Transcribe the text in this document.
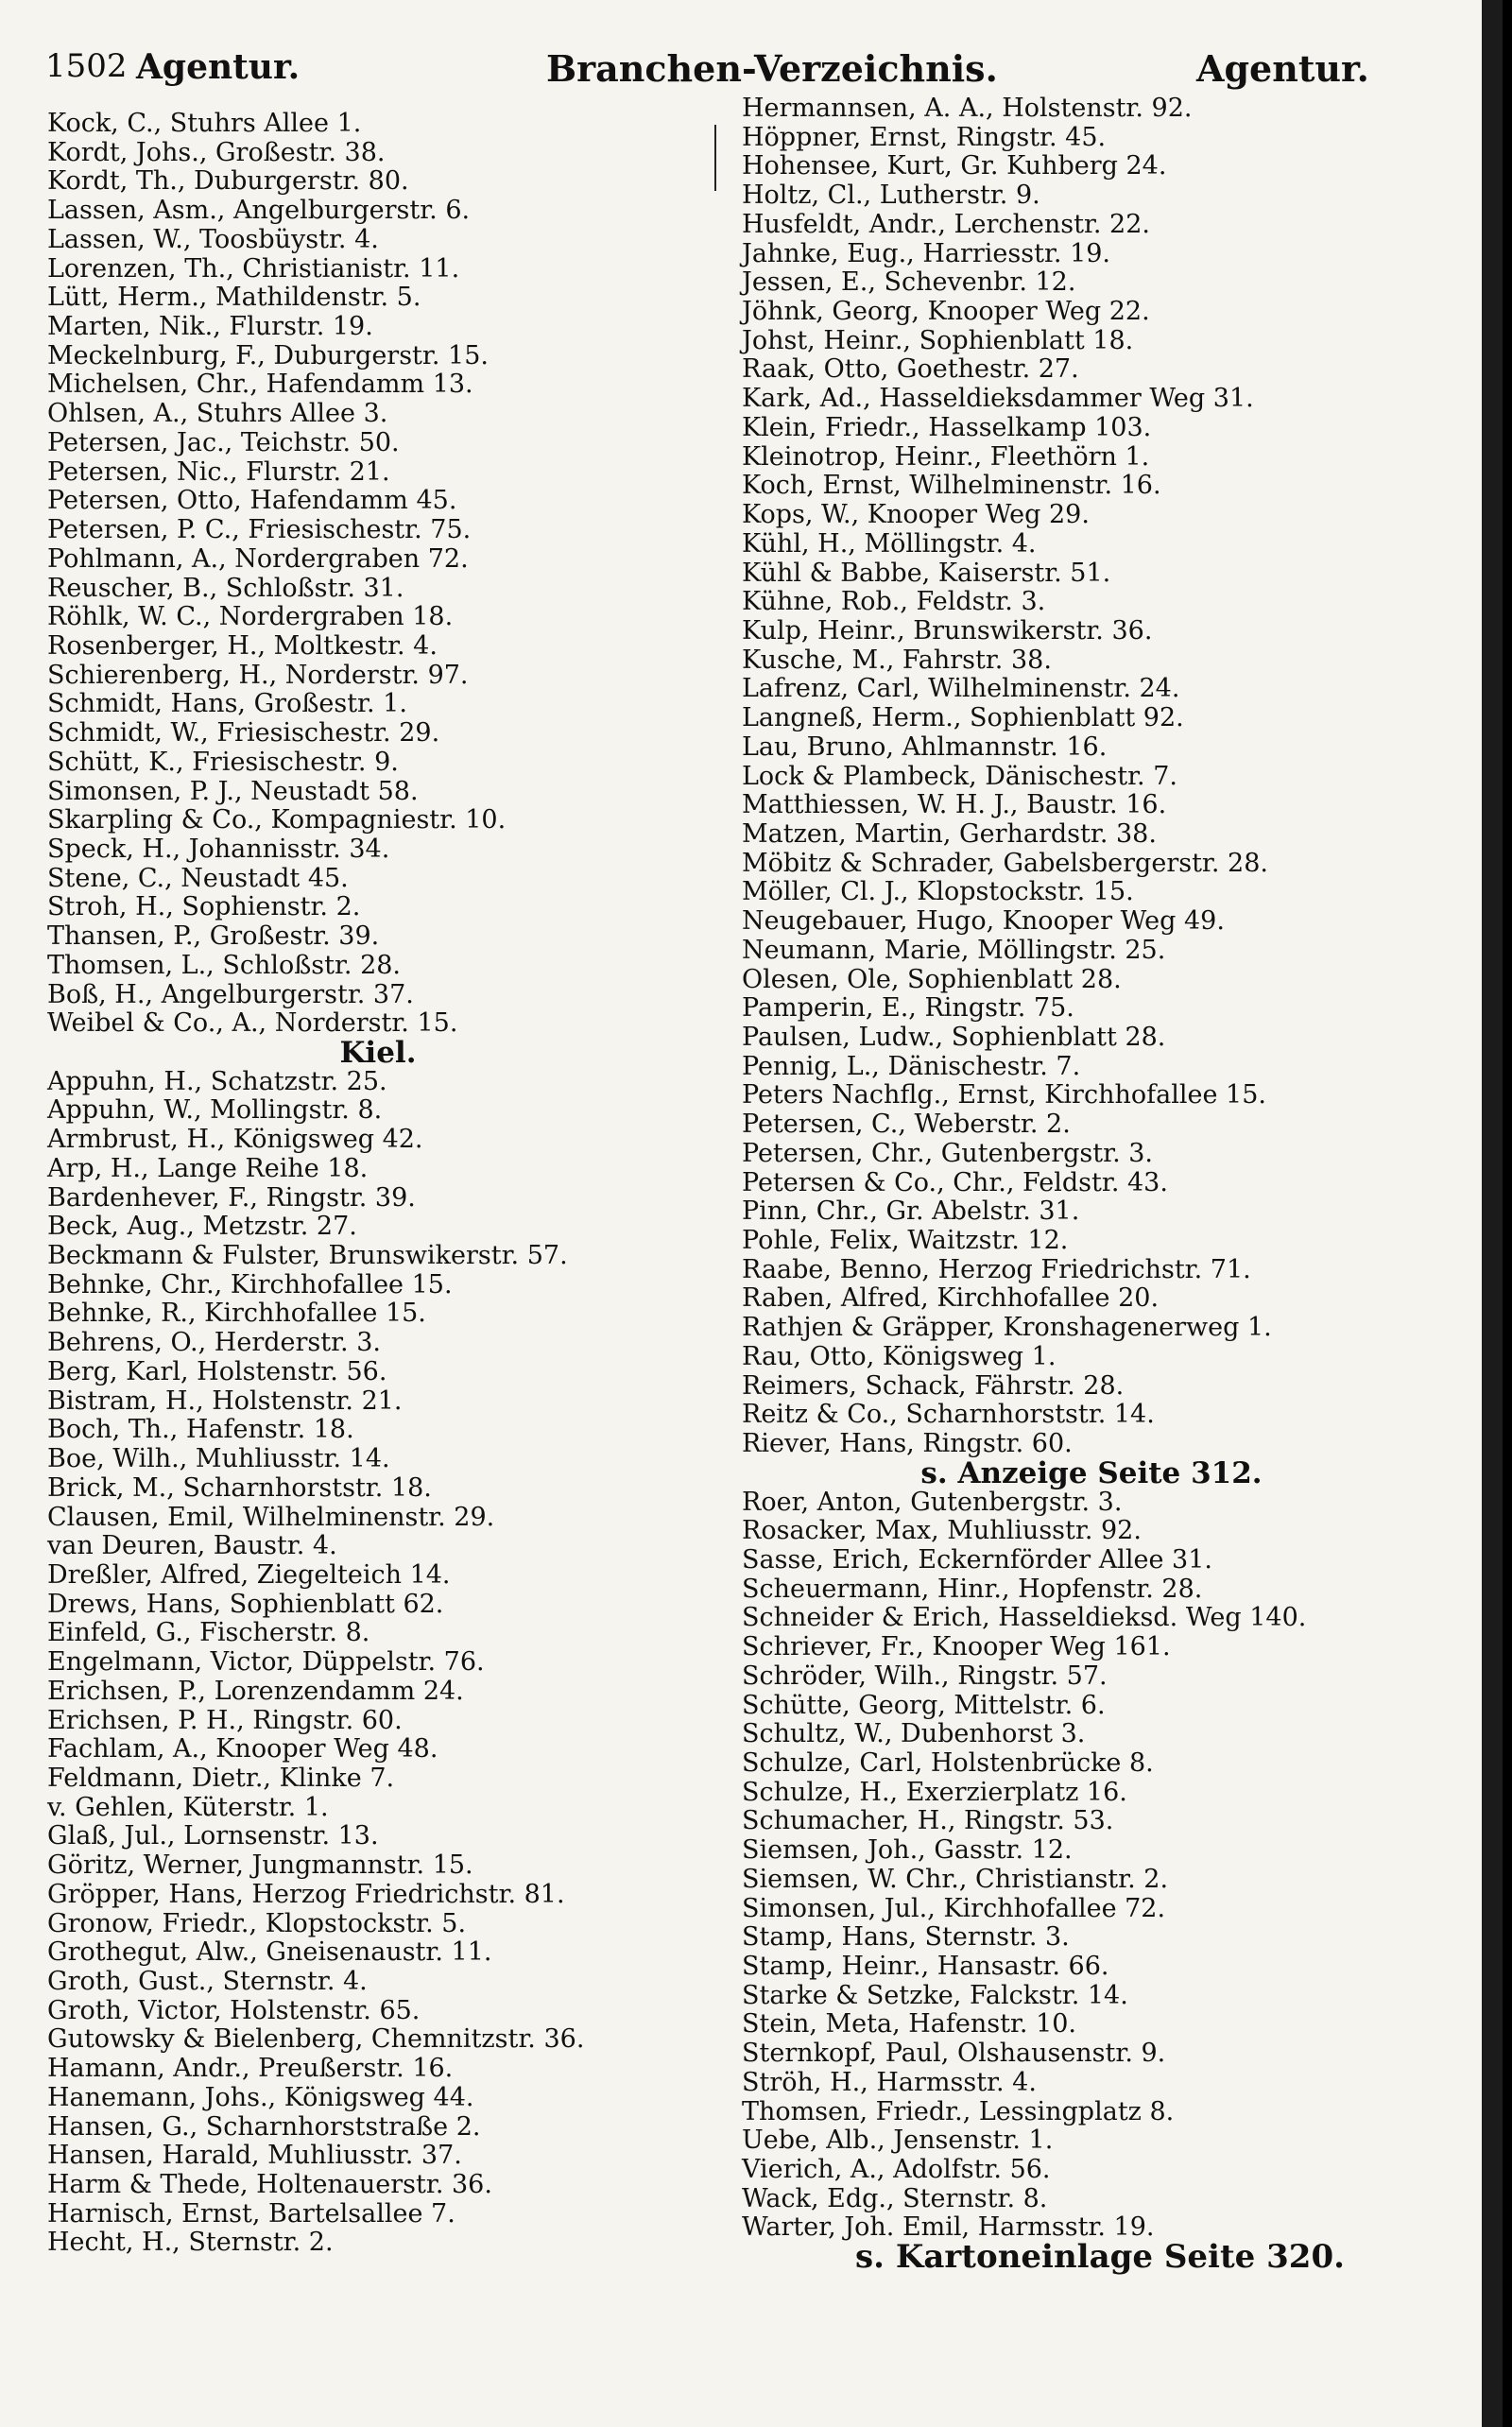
1502 Agentur.	Branchen-Verzeichnis.	Agentur.
Kock, C., Stuhrs Allee 1.
Kordt, Johs., Großestr. 38.
Kordt, Th., Duburgerstr. 80.
Lassen, Asm., Angelburgerstr. 6.
Lassen, W., Toosbüystr. 4.
Lorenzen, Th., Christianistr. 11.
Lütt, Herm., Mathildenstr. 5.
Marten, Nik., Flurstr. 19.
Meckelnburg, F., Duburgerstr. 15.
Michelsen, Chr., Hafendamm 13.
Ohlsen, A., Stuhrs Allee 3.
Petersen, Jac., Teichstr. 50.
Petersen, Nic., Flurstr. 21.
Petersen, Otto, Hafendamm 45.
Petersen, P. C., Friesischestr. 75.
Pohlmann, A., Nordergraben 72.
Reuscher, B., Schloßstr. 31.
Röhlk, W. C., Nordergraben 18.
Rosenberger, H., Moltkestr. 4.
Schierenberg, H., Norderstr. 97.
Schmidt, Hans, Großestr. 1.
Schmidt, W., Friesischestr. 29.
Schütt, K., Friesischestr. 9.
Simonsen, P. J., Neustadt 58.
Skarpling & Co., Kompagniestr. 10.
Speck, H., Johannisstr. 34.
Stene, C., Neustadt 45.
Stroh, H., Sophienstr. 2.
Thansen, P., Großestr. 39.
Thomsen, L., Schloßstr. 28.
Boß, H., Angelburgerstr. 37.
Weibel & Co., A., Norderstr. 15.
Kiel.
Appuhn, H., Schatzstr. 25.
Appuhn, W., Mollingstr. 8.
Armbrust, H., Königsweg 42.
Arp, H., Lange Reihe 18.
Bardenhever, F., Ringstr. 39.
Beck, Aug., Metzstr. 27.
Beckmann & Fulster, Brunswikerstr. 57.
Behnke, Chr., Kirchhofallee 15.
Behnke, R., Kirchhofallee 15.
Behrens, O., Herderstr. 3.
Berg, Karl, Holstenstr. 56.
Bistram, H., Holstenstr. 21.
Boch, Th., Hafenstr. 18.
Boe, Wilh., Muhliusstr. 14.
Brick, M., Scharnhorststr. 18.
Clausen, Emil, Wilhelminenstr. 29.
van Deuren, Baustr. 4.
Dreßler, Alfred, Ziegelteich 14.
Drews, Hans, Sophienblatt 62.
Einfeld, G., Fischerstr. 8.
Engelmann, Victor, Düppelstr. 76.
Erichsen, P., Lorenzendamm 24.
Erichsen, P. H., Ringstr. 60.
Fachlam, A., Knooper Weg 48.
Feldmann, Dietr., Klinke 7.
v. Gehlen, Küterstr. 1.
Glaß, Jul., Lornsenstr. 13.
Göritz, Werner, Jungmannstr. 15.
Gröpper, Hans, Herzog Friedrichstr. 81.
Gronow, Friedr., Klopstockstr. 5.
Grothegut, Alw., Gneisenaustr. 11.
Groth, Gust., Sternstr. 4.
Groth, Victor, Holstenstr. 65.
Gutowsky & Bielenberg, Chemnitzstr. 36.
Hamann, Andr., Preußerstr. 16.
Hanemann, Johs., Königsweg 44.
Hansen, G., Scharnhorststraße 2.
Hansen, Harald, Muhliusstr. 37.
Harm & Thede, Holtenauerstr. 36.
Harnisch, Ernst, Bartelsallee 7.
Hecht, H., Sternstr. 2.
Hermannsen, A. A., Holstenstr. 92.
Höppner, Ernst, Ringstr. 45.
Hohensee, Kurt, Gr. Kuhberg 24.
Holtz, Cl., Lutherstr. 9.
Husfeldt, Andr., Lerchenstr. 22.
Jahnke, Eug., Harriesstr. 19.
Jessen, E., Schevenbr. 12.
Jöhnk, Georg, Knooper Weg 22.
Johst, Heinr., Sophienblatt 18.
Raak, Otto, Goethestr. 27.
Kark, Ad., Hasseldieksdammer Weg 31.
Klein, Friedr., Hasselkamp 103.
Kleinotrop, Heinr., Fleethörn 1.
Koch, Ernst, Wilhelminenstr. 16.
Kops, W., Knooper Weg 29.
Kühl, H., Möllingstr. 4.
Kühl & Babbe, Kaiserstr. 51.
Kühne, Rob., Feldstr. 3.
Kulp, Heinr., Brunswikerstr. 36.
Kusche, M., Fahrstr. 38.
Lafrenz, Carl, Wilhelminenstr. 24.
Langneß, Herm., Sophienblatt 92.
Lau, Bruno, Ahlmannstr. 16.
Lock & Plambeck, Dänischestr. 7.
Matthiessen, W. H. J., Baustr. 16.
Matzen, Martin, Gerhardstr. 38.
Möbitz & Schrader, Gabelsbergerstr. 28.
Möller, Cl. J., Klopstockstr. 15.
Neugebauer, Hugo, Knooper Weg 49.
Neumann, Marie, Möllingstr. 25.
Olesen, Ole, Sophienblatt 28.
Pamperin, E., Ringstr. 75.
Paulsen, Ludw., Sophienblatt 28.
Pennig, L., Dänischestr. 7.
Peters Nachflg., Ernst, Kirchhofallee 15.
Petersen, C., Weberstr. 2.
Petersen, Chr., Gutenbergstr. 3.
Petersen & Co., Chr., Feldstr. 43.
Pinn, Chr., Gr. Abelstr. 31.
Pohle, Felix, Waitzstr. 12.
Raabe, Benno, Herzog Friedrichstr. 71.
Raben, Alfred, Kirchhofallee 20.
Rathjen & Gräpper, Kronshagenerweg 1.
Rau, Otto, Königsweg 1.
Reimers, Schack, Fährstr. 28.
Reitz & Co., Scharnhorststr. 14.
Riever, Hans, Ringstr. 60.
s. Anzeige Seite 312.
Roer, Anton, Gutenbergstr. 3.
Rosacker, Max, Muhliusstr. 92.
Sasse, Erich, Eckernförder Allee 31.
Scheuermann, Hinr., Hopfenstr. 28.
Schneider & Erich, Hasseldieksd. Weg 140.
Schriever, Fr., Knooper Weg 161.
Schröder, Wilh., Ringstr. 57.
Schütte, Georg, Mittelstr. 6.
Schultz, W., Dubenhorst 3.
Schulze, Carl, Holstenbrücke 8.
Schulze, H., Exerzierplatz 16.
Schumacher, H., Ringstr. 53.
Siemsen, Joh., Gasstr. 12.
Siemsen, W. Chr., Christianstr. 2.
Simonsen, Jul., Kirchhofallee 72.
Stamp, Hans, Sternstr. 3.
Stamp, Heinr., Hansastr. 66.
Starke & Setzke, Falckstr. 14.
Stein, Meta, Hafenstr. 10.
Sternkopf, Paul, Olshausenstr. 9.
Ströh, H., Harmsstr. 4.
Thomsen, Friedr., Lessingplatz 8.
Uebe, Alb., Jensenstr. 1.
Vierich, A., Adolfstr. 56.
Wack, Edg., Sternstr. 8.
Warter, Joh. Emil, Harmsstr. 19.
s. Kartoneinlage Seite 320.
